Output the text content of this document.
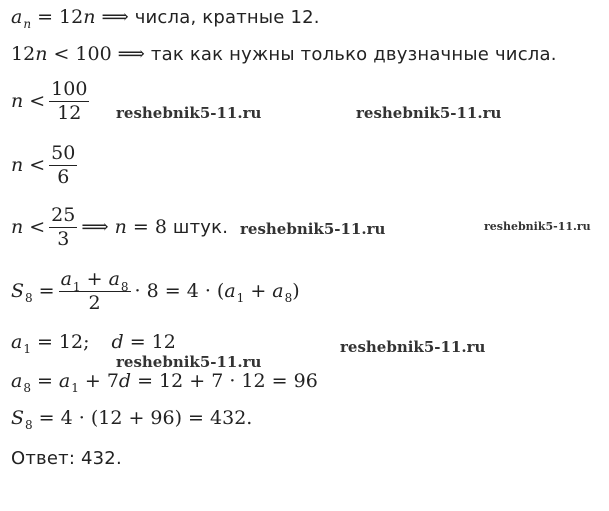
a n = 12 n ⟹ числа, кратные 12.
12 n < 100 ⟹ так как нужны только двузначные числа.
$n < \frac{100}{12}$
$n < \frac{50}{6}$
$n < \frac{25}{3}$ ⟹ n = 8 штук.
S $8 = \frac{a_1 + a_8}{2} \cdot 8 = 4$ · ( a 1 + a 8 )
a 1 = 12; d = 12
a 8 = a 1 + 7 d = 12 + 7 · 12 = 96
S 8 = 4 · (12 + 96) = 432.
Ответ: 432.
reshebnik5-11.ru	reshebnik5-11.ru
reshebnik5-11.ru	reshebnik5-11.ru
reshebnik5-11.ru
reshebnik5-11.ru
